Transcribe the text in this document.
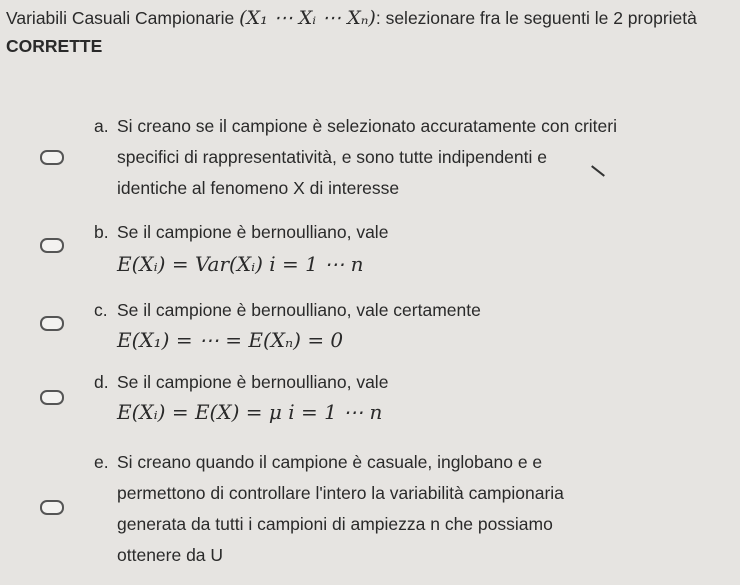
Variabili Casuali Campionarie (X₁ ⋯ Xᵢ ⋯ Xₙ): selezionare fra le seguenti le 2 proprietà CORRETTE
a. Si creano se il campione è selezionato accuratamente con criteri
specifici di rappresentatività, e sono tutte indipendenti e
identiche al fenomeno X di interesse
b. Se il campione è bernoulliano, vale
E(Xᵢ) = Var(Xᵢ) i = 1 ⋯ n
c. Se il campione è bernoulliano, vale certamente
E(X₁) = ⋯ = E(Xₙ) = 0
d. Se il campione è bernoulliano, vale
E(Xᵢ) = E(X) = μ i = 1 ⋯ n
e. Si creano quando il campione è casuale, inglobano e e
permettono di controllare l'intero la variabilità campionaria
generata da tutti i campioni di ampiezza n che possiamo
ottenere da U
